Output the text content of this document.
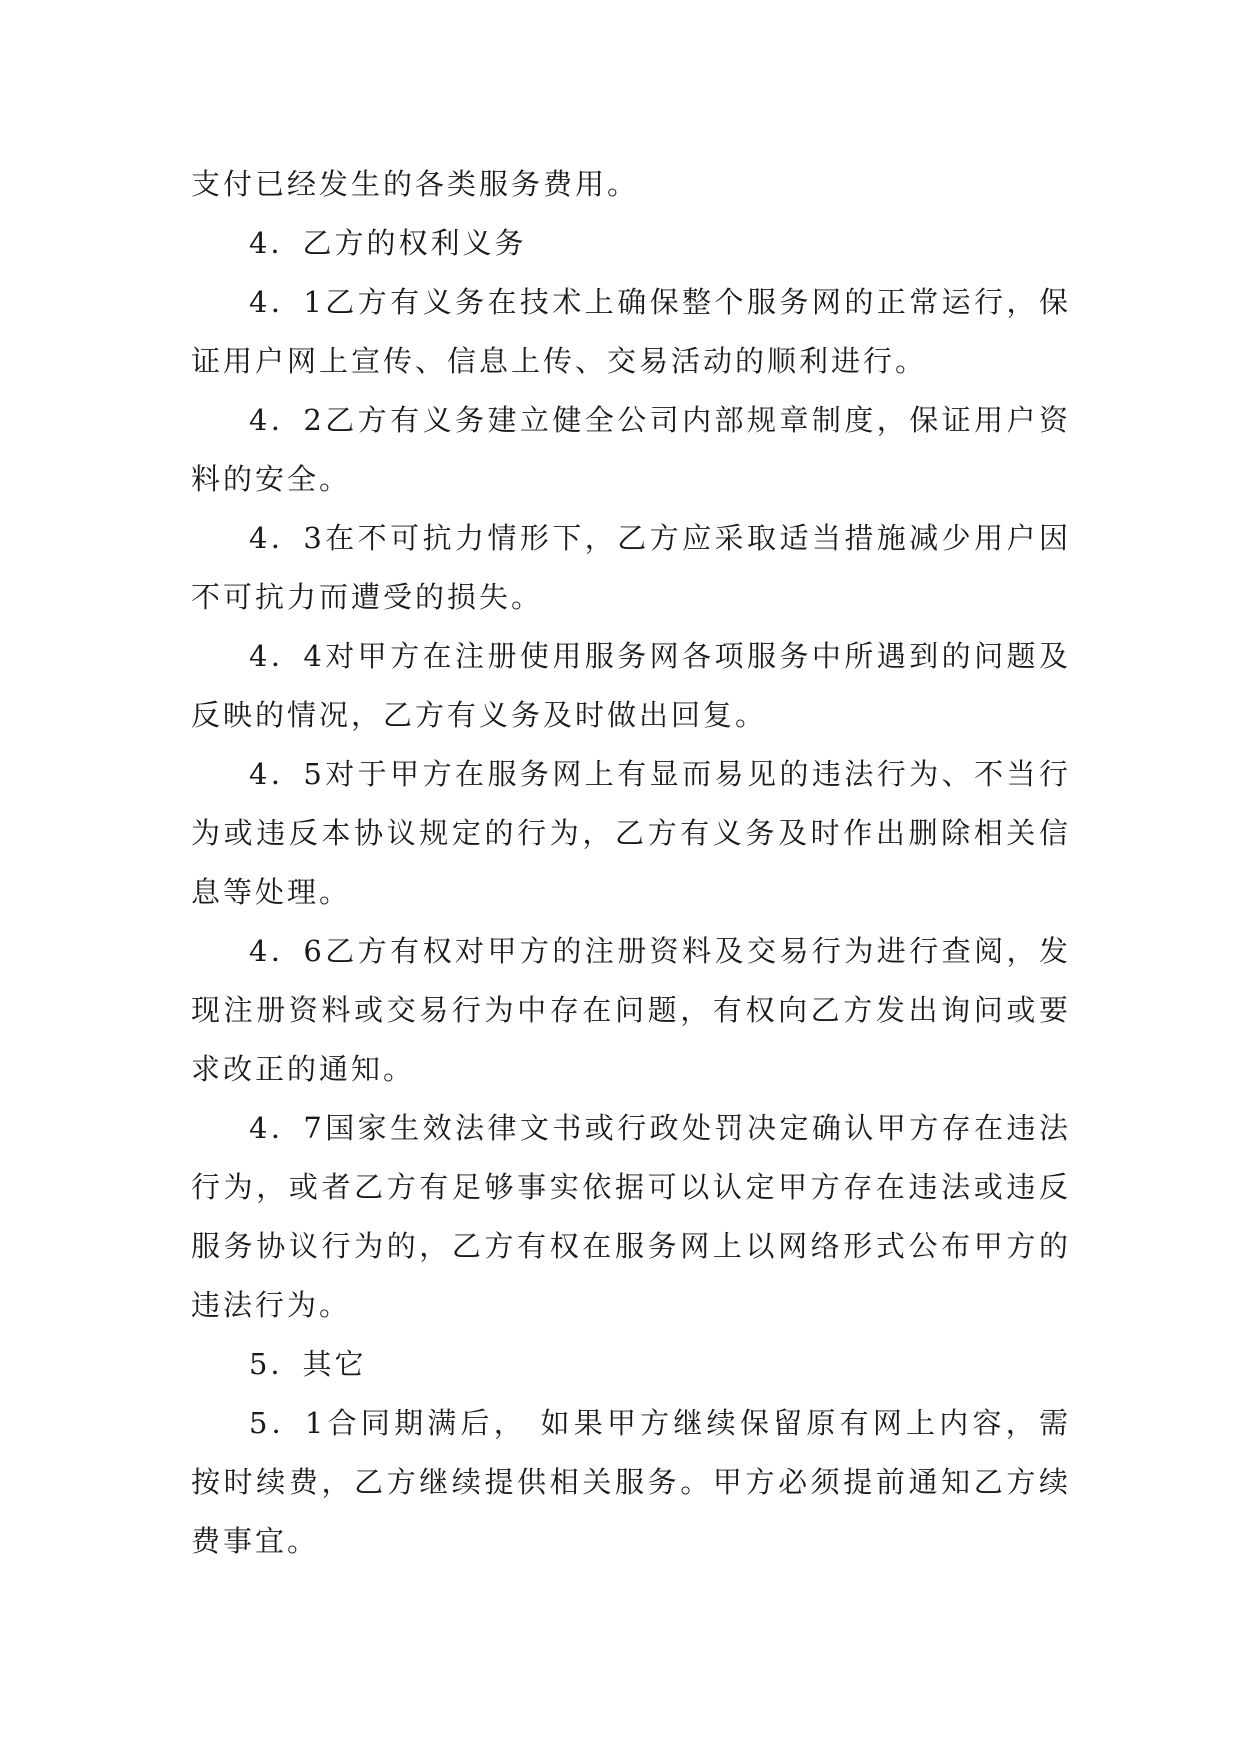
支付已经发生的各类服务费用。

4．乙方的权利义务

4．1乙方有义务在技术上确保整个服务网的正常运行，保证用户网上宣传、信息上传、交易活动的顺利进行。

4．2乙方有义务建立健全公司内部规章制度，保证用户资料的安全。

4．3在不可抗力情形下，乙方应采取适当措施减少用户因不可抗力而遭受的损失。

4．4对甲方在注册使用服务网各项服务中所遇到的问题及反映的情况，乙方有义务及时做出回复。

4．5对于甲方在服务网上有显而易见的违法行为、不当行为或违反本协议规定的行为，乙方有义务及时作出删除相关信息等处理。

4．6乙方有权对甲方的注册资料及交易行为进行查阅，发现注册资料或交易行为中存在问题，有权向乙方发出询问或要求改正的通知。

4．7国家生效法律文书或行政处罚决定确认甲方存在违法行为，或者乙方有足够事实依据可以认定甲方存在违法或违反服务协议行为的，乙方有权在服务网上以网络形式公布甲方的违法行为。

5．其它

5．1合同期满后， 如果甲方继续保留原有网上内容，需按时续费，乙方继续提供相关服务。甲方必须提前通知乙方续费事宜。
